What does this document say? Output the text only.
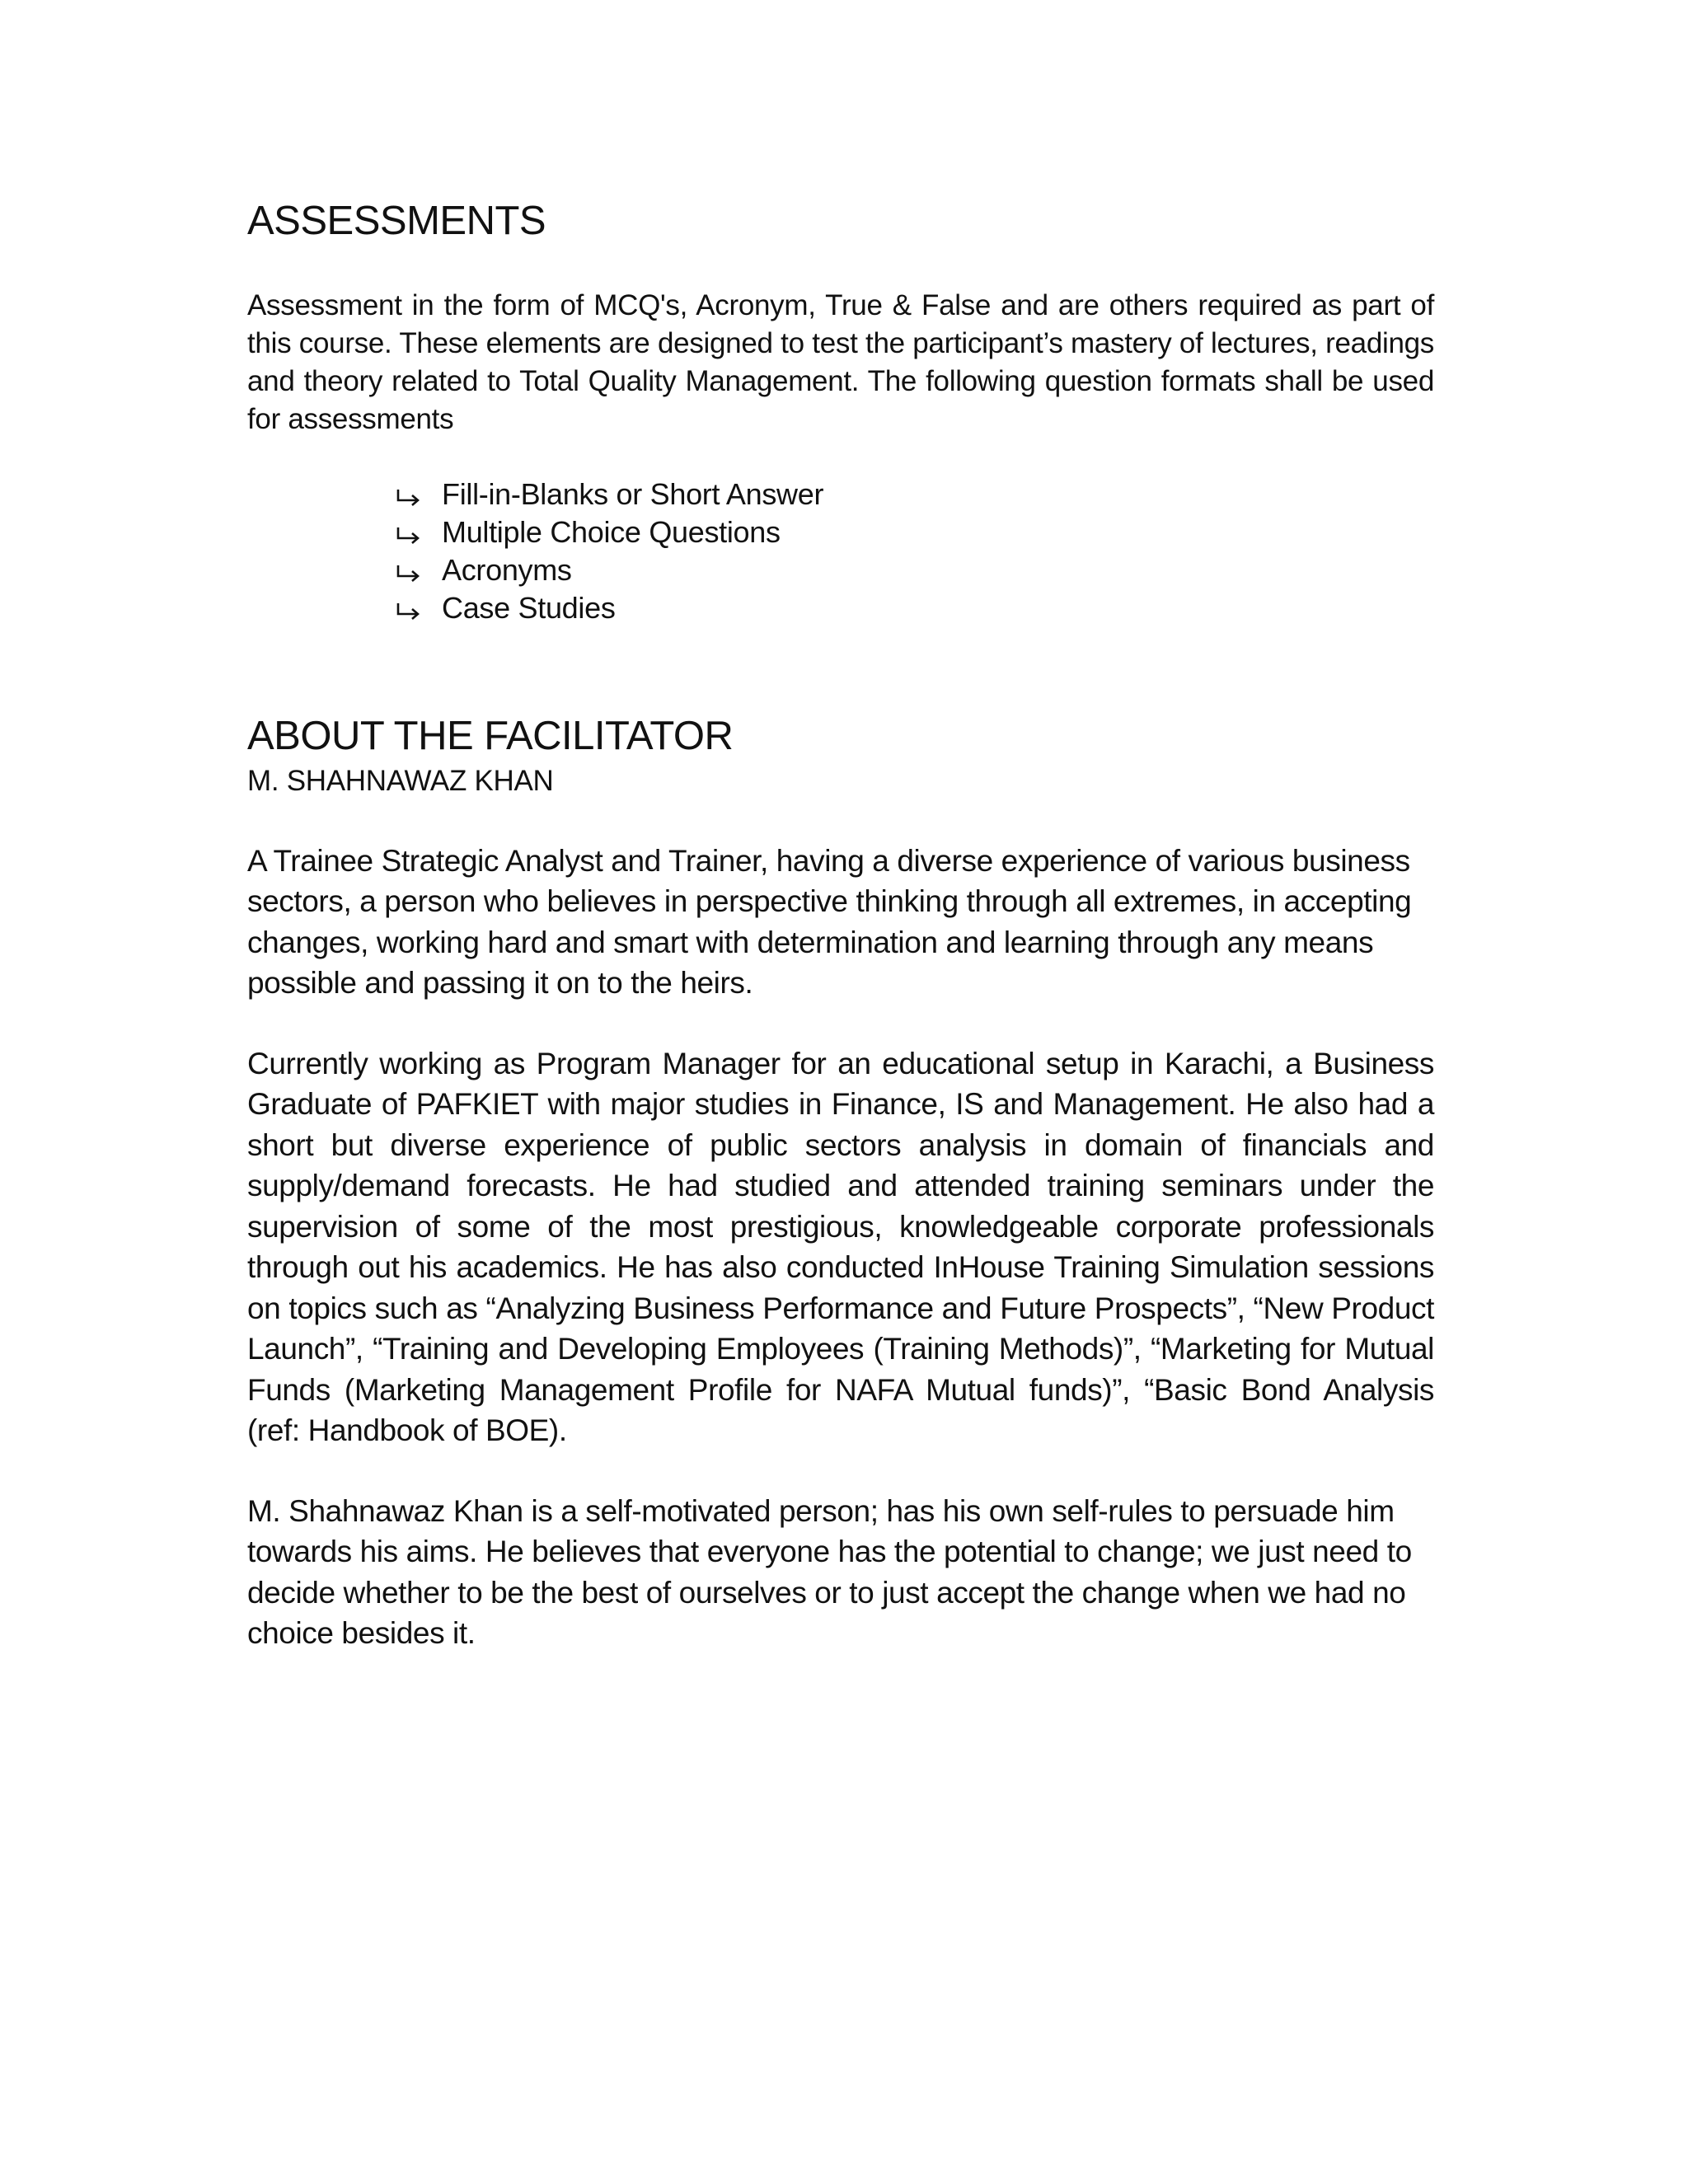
ASSESSMENTS

Assessment in the form of MCQ's, Acronym, True & False and are others required as part of this course. These elements are designed to test the participant’s mastery of lectures, readings and theory related to Total Quality Management. The following question formats shall be used for assessments

Fill-in-Blanks or Short Answer
Multiple Choice Questions
Acronyms
Case Studies
ABOUT THE FACILITATOR

M. SHAHNAWAZ KHAN

A Trainee Strategic Analyst and Trainer, having a diverse experience of various business sectors, a person who believes in perspective thinking through all extremes, in accepting changes, working hard and smart with determination and learning through any means possible and passing it on to the heirs.

Currently working as Program Manager for an educational setup in Karachi, a Business Graduate of PAFKIET with major studies in Finance, IS and Management. He also had a short but diverse experience of public sectors analysis in domain of financials and supply/demand forecasts. He had studied and attended training seminars under the supervision of some of the most prestigious, knowledgeable corporate professionals through out his academics. He has also conducted InHouse Training Simulation sessions on topics such as “Analyzing Business Performance and Future Prospects”, “New Product Launch”, “Training and Developing Employees (Training Methods)”, “Marketing for Mutual Funds (Marketing Management Profile for NAFA Mutual funds)”, “Basic Bond Analysis (ref: Handbook of BOE).

M. Shahnawaz Khan is a self-motivated person; has his own self-rules to persuade him towards his aims. He believes that everyone has the potential to change; we just need to decide whether to be the best of ourselves or to just accept the change when we had no choice besides it.
